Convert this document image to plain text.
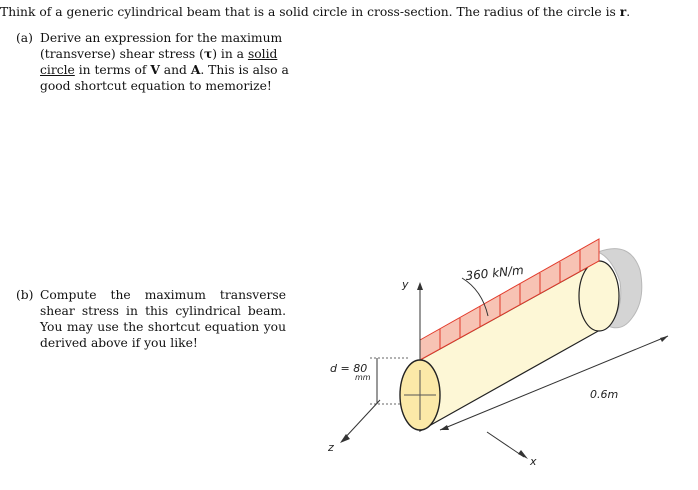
Think of a generic cylindrical beam that is a solid circle in cross-section. The radius of the circle is r.
(a) Derive an expression for the maximum (transverse) shear stress (τ) in a solid circle in terms of V and A. This is also a good shortcut equation to memorize!
(b) Compute the maximum transverse shear stress in this cylindrical beam. You may use the shortcut equation you derived above if you like!
y
z
x
d = 80
mm
0.6m
360 kN/m
